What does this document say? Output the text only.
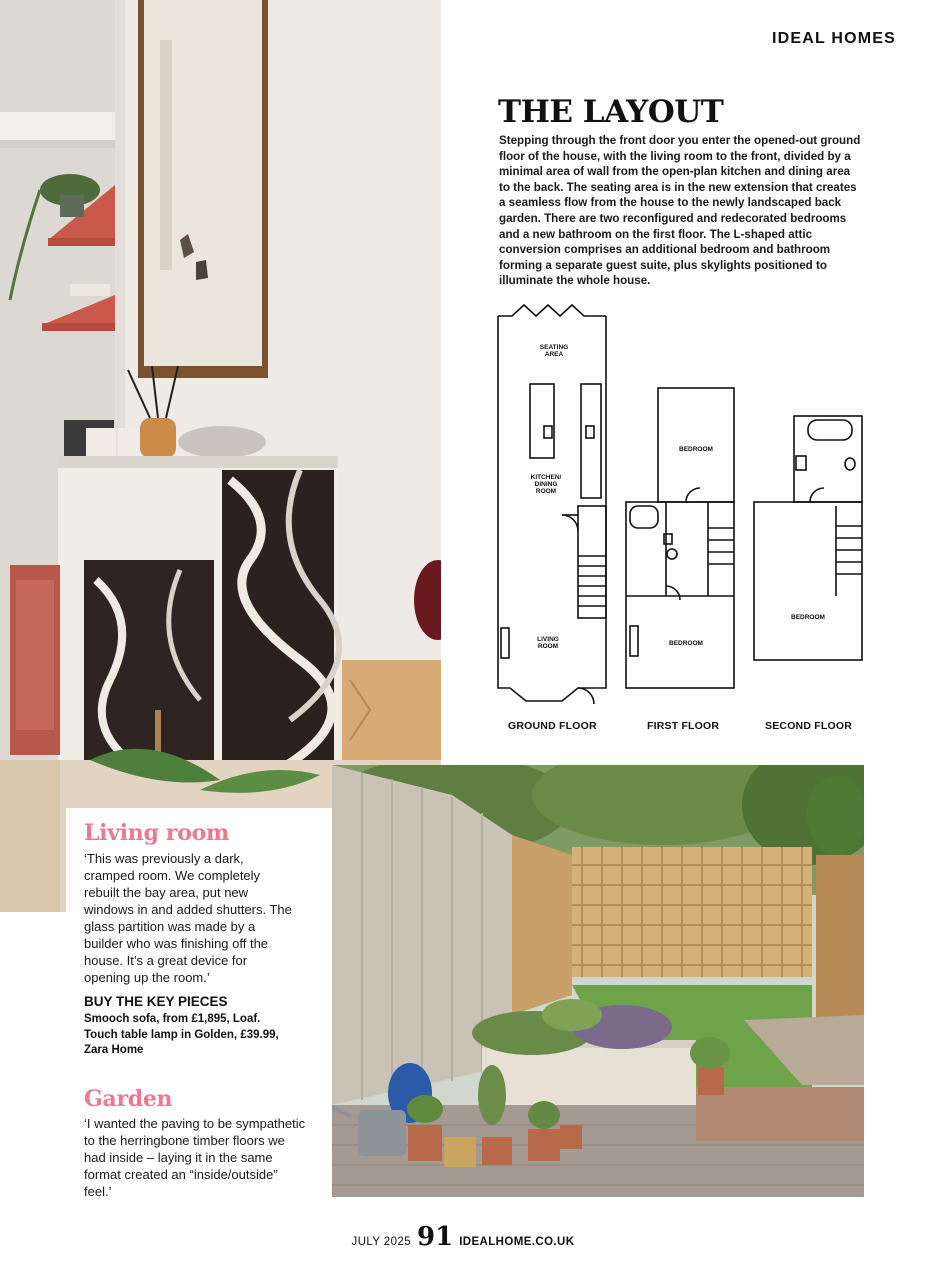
IDEAL HOMES
THE LAYOUT

Stepping through the front door you enter the opened-out ground floor of the house, with the living room to the front, divided by a minimal area of wall from the open-plan kitchen and dining area to the back. The seating area is in the new extension that creates a seamless flow from the house to the newly landscaped back garden. There are two reconfigured and redecorated bedrooms and a new bathroom on the first floor. The L-shaped attic conversion comprises an additional bedroom and bathroom forming a separate guest suite, plus skylights positioned to illuminate the whole house.

SEATING AREA
KITCHEN/ DINING ROOM
LIVING ROOM
BEDROOM
BEDROOM
BEDROOM
GROUND FLOOR	FIRST FLOOR	SECOND FLOOR
Living room

‘This was previously a dark, cramped room. We completely rebuilt the bay area, put new windows in and added shutters. The glass partition was made by a builder who was finishing off the house. It’s a great device for opening up the room.’

BUY THE KEY PIECES

Smooch sofa, from £1,895, Loaf. Touch table lamp in Golden, £39.99, Zara Home

Garden

‘I wanted the paving to be sympathetic to the herringbone timber floors we had inside – laying it in the same format created an “inside/outside” feel.’

JULY 2025 91 IDEALHOME.CO.UK
